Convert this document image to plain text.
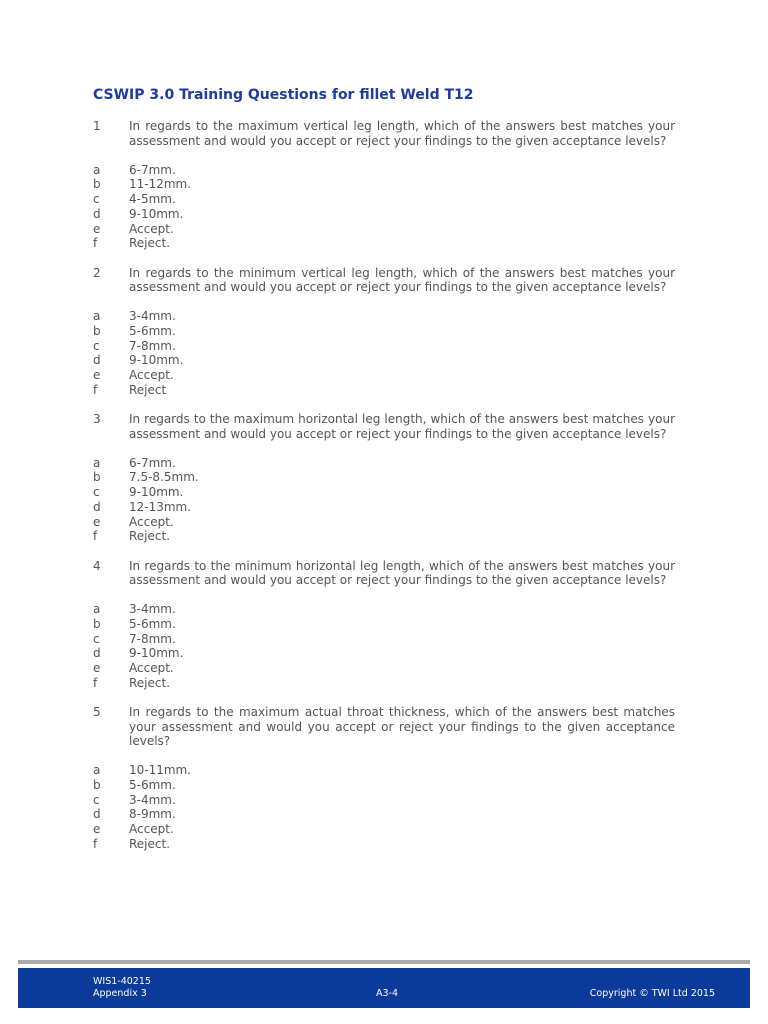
CSWIP 3.0 Training Questions for fillet Weld T12
1	In regards to the maximum vertical leg length, which of the answers best matches your assessment and would you accept or reject your findings to the given acceptance levels?
a	6-7mm.
b	11-12mm.
c	4-5mm.
d	9-10mm.
e	Accept.
f	Reject.
2	In regards to the minimum vertical leg length, which of the answers best matches your assessment and would you accept or reject your findings to the given acceptance levels?
a	3-4mm.
b	5-6mm.
c	7-8mm.
d	9-10mm.
e	Accept.
f	Reject
3	In regards to the maximum horizontal leg length, which of the answers best matches your assessment and would you accept or reject your findings to the given acceptance levels?
a	6-7mm.
b	7.5-8.5mm.
c	9-10mm.
d	12-13mm.
e	Accept.
f	Reject.
4	In regards to the minimum horizontal leg length, which of the answers best matches your assessment and would you accept or reject your findings to the given acceptance levels?
a	3-4mm.
b	5-6mm.
c	7-8mm.
d	9-10mm.
e	Accept.
f	Reject.
5	In regards to the maximum actual throat thickness, which of the answers best matches your assessment and would you accept or reject your findings to the given acceptance levels?
a	10-11mm.
b	5-6mm.
c	3-4mm.
d	8-9mm.
e	Accept.
f	Reject.
WIS1-40215
Appendix 3	A3-4	Copyright © TWI Ltd 2015
